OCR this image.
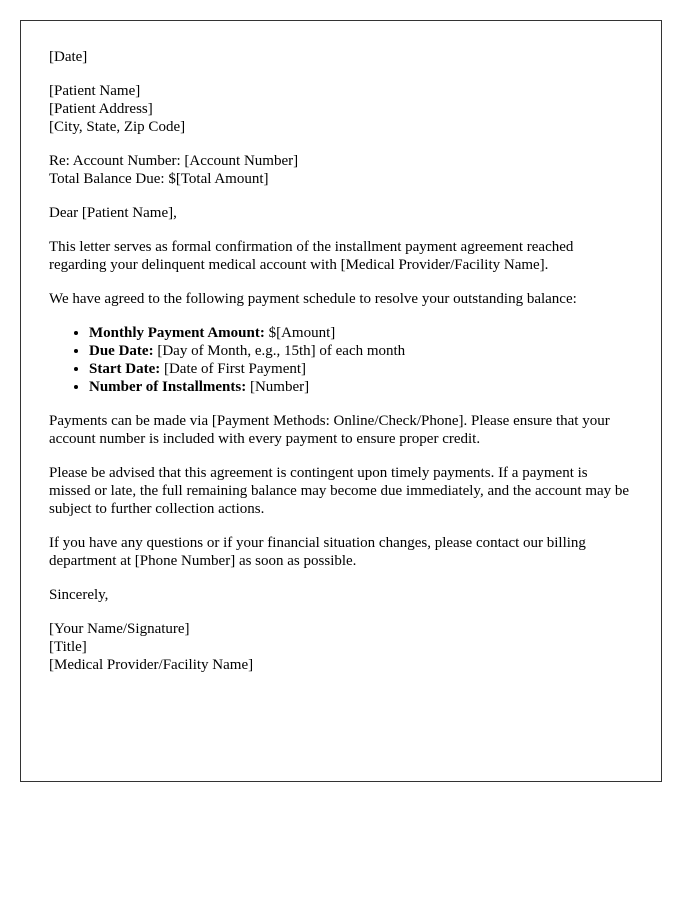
[Date]

[Patient Name]
[Patient Address]
[City, State, Zip Code]

Re: Account Number: [Account Number]
Total Balance Due: $[Total Amount]

Dear [Patient Name],

This letter serves as formal confirmation of the installment payment agreement reached regarding your delinquent medical account with [Medical Provider/Facility Name].

We have agreed to the following payment schedule to resolve your outstanding balance:

• Monthly Payment Amount: $[Amount]
• Due Date: [Day of Month, e.g., 15th] of each month
• Start Date: [Date of First Payment]
• Number of Installments: [Number]

Payments can be made via [Payment Methods: Online/Check/Phone]. Please ensure that your account number is included with every payment to ensure proper credit.

Please be advised that this agreement is contingent upon timely payments. If a payment is missed or late, the full remaining balance may become due immediately, and the account may be subject to further collection actions.

If you have any questions or if your financial situation changes, please contact our billing department at [Phone Number] as soon as possible.

Sincerely,

[Your Name/Signature]
[Title]
[Medical Provider/Facility Name]
